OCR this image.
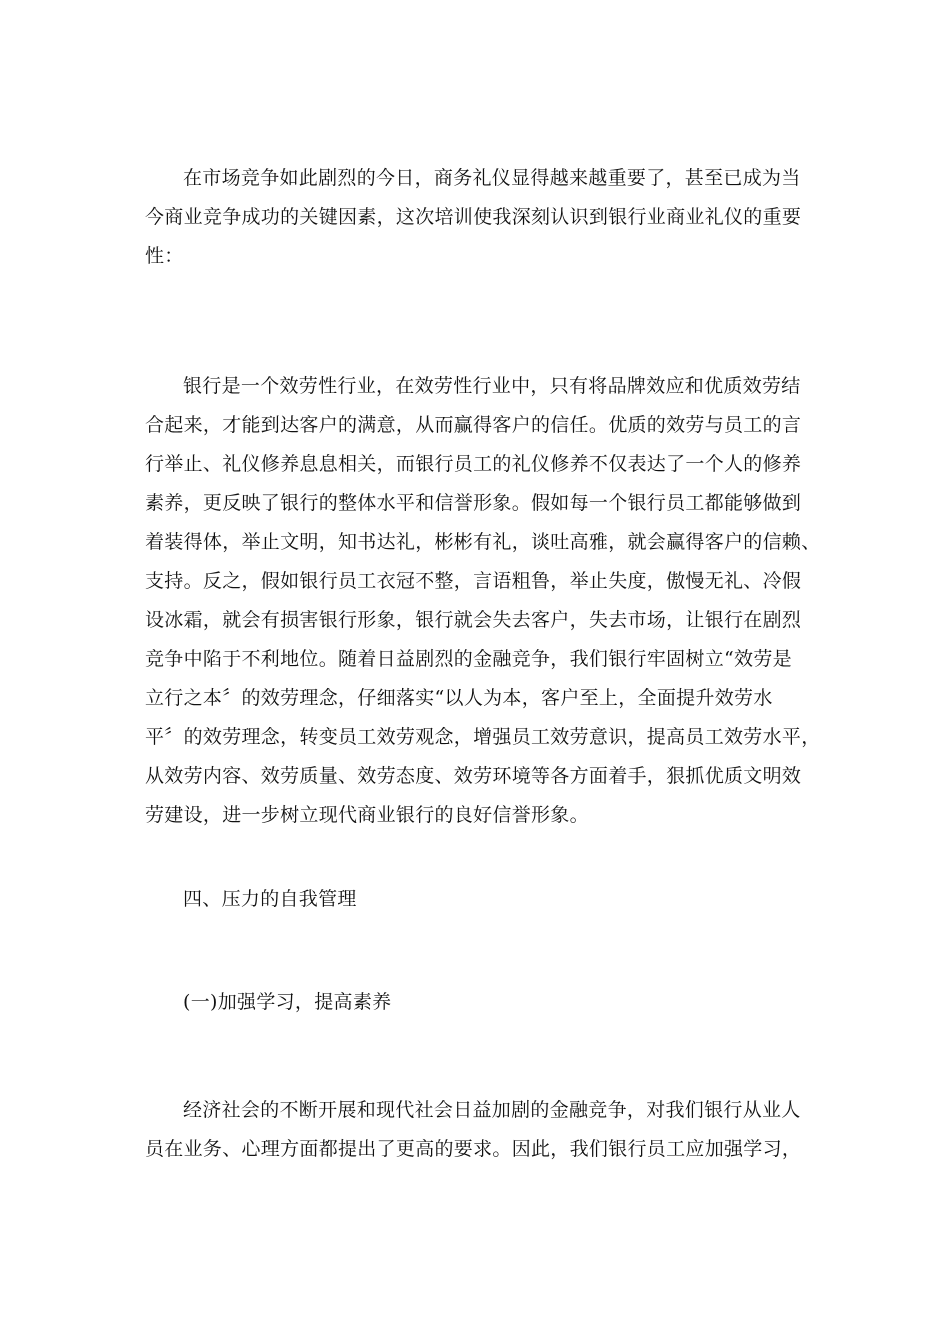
在市场竞争如此剧烈的今日，商务礼仪显得越来越重要了，甚至已成为当
今商业竞争成功的关键因素，这次培训使我深刻认识到银行业商业礼仪的重要
性：
银行是一个效劳性行业，在效劳性行业中，只有将品牌效应和优质效劳结
合起来，才能到达客户的满意，从而赢得客户的信任。优质的效劳与员工的言
行举止、礼仪修养息息相关，而银行员工的礼仪修养不仅表达了一个人的修养
素养，更反映了银行的整体水平和信誉形象。假如每一个银行员工都能够做到
着装得体，举止文明，知书达礼，彬彬有礼，谈吐高雅，就会赢得客户的信赖、
支持。反之，假如银行员工衣冠不整，言语粗鲁，举止失度，傲慢无礼、冷假
设冰霜，就会有损害银行形象，银行就会失去客户，失去市场，让银行在剧烈
竞争中陷于不利地位。随着日益剧烈的金融竞争，我们银行牢固树立“效劳是
立行之本〞的效劳理念，仔细落实“以人为本，客户至上，全面提升效劳水
平〞的效劳理念，转变员工效劳观念，增强员工效劳意识，提高员工效劳水平，
从效劳内容、效劳质量、效劳态度、效劳环境等各方面着手，狠抓优质文明效
劳建设，进一步树立现代商业银行的良好信誉形象。
四、压力的自我管理
(一)加强学习，提高素养
经济社会的不断开展和现代社会日益加剧的金融竞争，对我们银行从业人
员在业务、心理方面都提出了更高的要求。因此，我们银行员工应加强学习，
